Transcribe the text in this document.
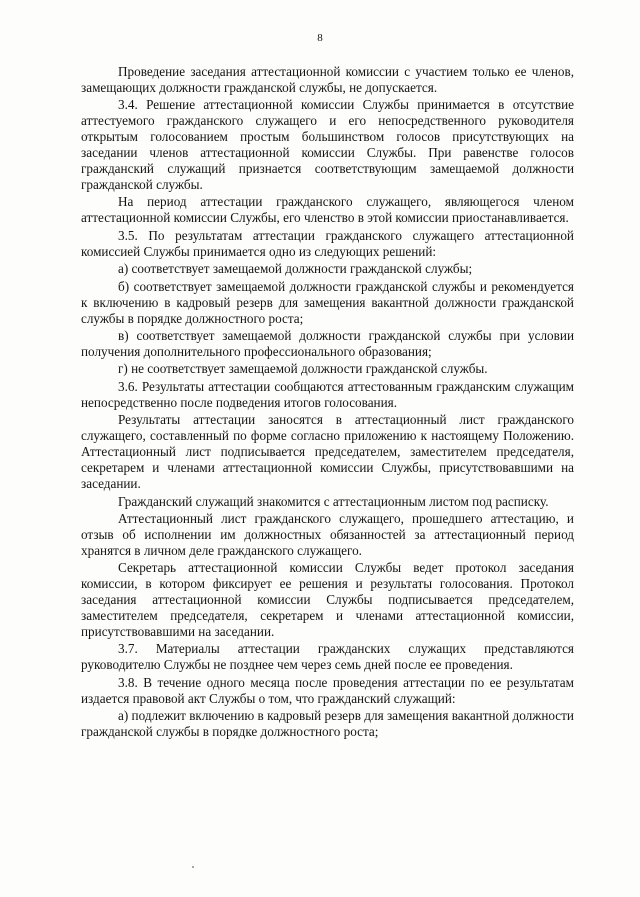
8

Проведение заседания аттестационной комиссии с участием только ее членов, замещающих должности гражданской службы, не допускается.

3.4. Решение аттестационной комиссии Службы принимается в отсутствие аттестуемого гражданского служащего и его непосредственного руководителя открытым голосованием простым большинством голосов присутствующих на заседании членов аттестационной комиссии Службы. При равенстве голосов гражданский служащий признается соответствующим замещаемой должности гражданской службы.

На период аттестации гражданского служащего, являющегося членом аттестационной комиссии Службы, его членство в этой комиссии приостанавливается.

3.5. По результатам аттестации гражданского служащего аттестационной комиссией Службы принимается одно из следующих решений:

а) соответствует замещаемой должности гражданской службы;

б) соответствует замещаемой должности гражданской службы и рекомендуется к включению в кадровый резерв для замещения вакантной должности гражданской службы в порядке должностного роста;

в) соответствует замещаемой должности гражданской службы при условии получения дополнительного профессионального образования;

г) не соответствует замещаемой должности гражданской службы.

3.6. Результаты аттестации сообщаются аттестованным гражданским служащим непосредственно после подведения итогов голосования.

Результаты аттестации заносятся в аттестационный лист гражданского служащего, составленный по форме согласно приложению к настоящему Положению. Аттестационный лист подписывается председателем, заместителем председателя, секретарем и членами аттестационной комиссии Службы, присутствовавшими на заседании.

Гражданский служащий знакомится с аттестационным листом под расписку.

Аттестационный лист гражданского служащего, прошедшего аттестацию, и отзыв об исполнении им должностных обязанностей за аттестационный период хранятся в личном деле гражданского служащего.

Секретарь аттестационной комиссии Службы ведет протокол заседания комиссии, в котором фиксирует ее решения и результаты голосования. Протокол заседания аттестационной комиссии Службы подписывается председателем, заместителем председателя, секретарем и членами аттестационной комиссии, присутствовавшими на заседании.

3.7. Материалы аттестации гражданских служащих представляются руководителю Службы не позднее чем через семь дней после ее проведения.

3.8. В течение одного месяца после проведения аттестации по ее результатам издается правовой акт Службы о том, что гражданский служащий:

а) подлежит включению в кадровый резерв для замещения вакантной должности гражданской службы в порядке должностного роста;
